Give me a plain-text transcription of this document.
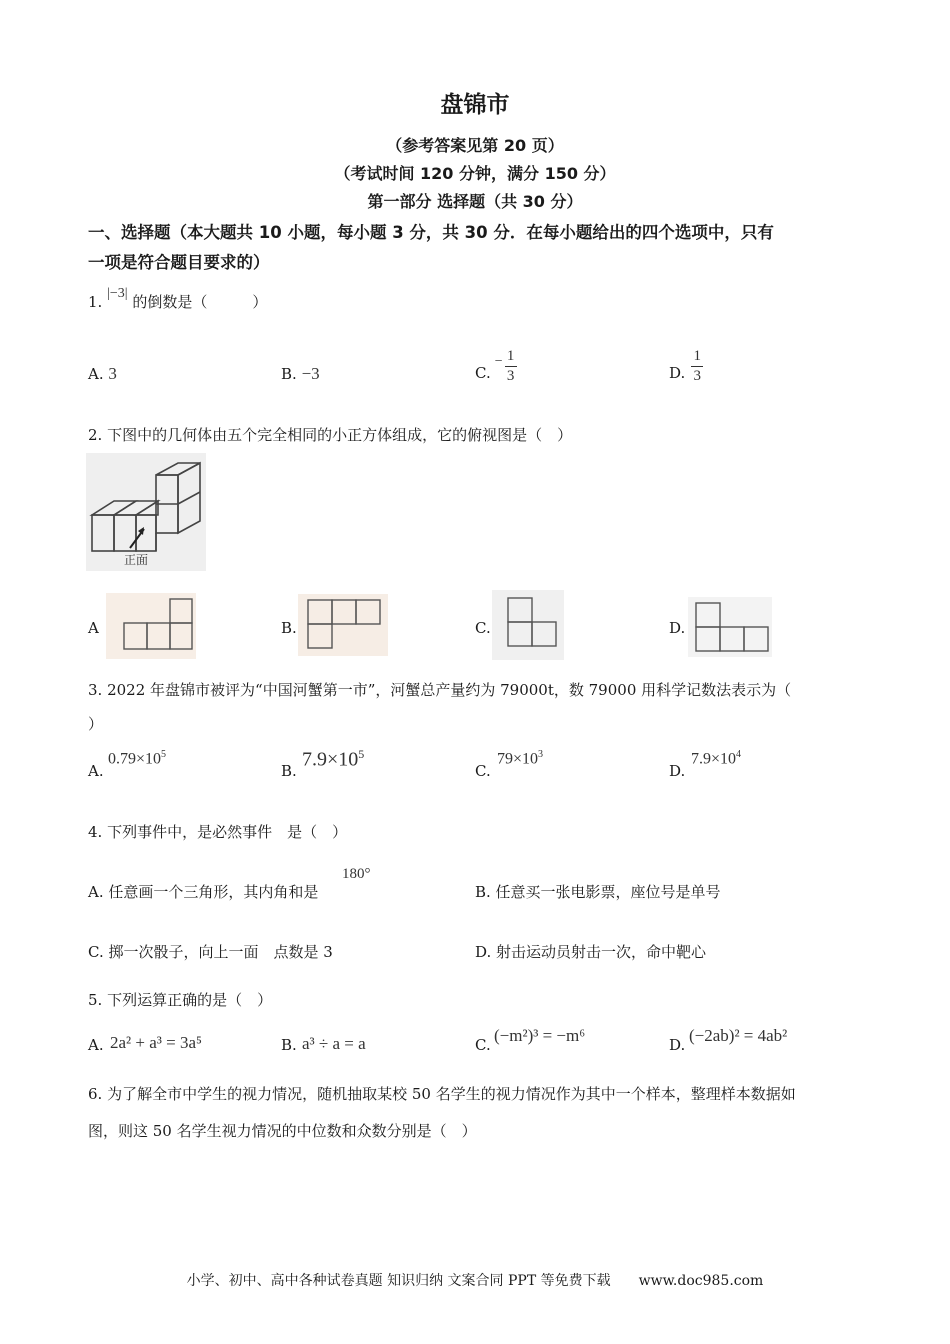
盘锦市
（参考答案见第 20 页）
（考试时间 120 分钟，满分 150 分）
第一部分 选择题（共 30 分）
一、选择题（本大题共 10 小题，每小题 3 分，共 30 分．在每小题给出的四个选项中，只有
一项是符合题目要求的）
1. |−3| 的倒数是（　　　）
A. 3	B. −3	C.
− $\frac{1}{3}$	D. $\frac{1}{3}$
2. 下图中的几何体由五个完全相同的小正方体组成，它的俯视图是（　）
正面
A	B.	C.	D.
3. 2022 年盘锦市被评为“中国河蟹第一市”，河蟹总产量约为 79000t，数 79000 用科学记数法表示为（
）
A.
$0.79\times 10^5$
B.
$7.9\times 10^5$
C.
$79\times 10^3$
D.
$7.9\times 10^4$
4. 下列事件中，是必然事件　是（　）
A. 任意画一个三角形，其内角和是
180°
B. 任意买一张电影票，座位号是单号
C. 掷一次骰子，向上一面　点数是 3	D. 射击运动员射击一次，命中靶心
5. 下列运算正确的是（　）
A. 2a² + a³ = 3a⁵	B. a³ ÷ a = a	C. (−m²)³ = −m⁶	D. (−2ab)² = 4ab²
6. 为了解全市中学生的视力情况，随机抽取某校 50 名学生的视力情况作为其中一个样本，整理样本数据如
图，则这 50 名学生视力情况的中位数和众数分别是（　）
小学、初中、高中各种试卷真题 知识归纳 文案合同 PPT 等免费下载　　www.doc985.com
